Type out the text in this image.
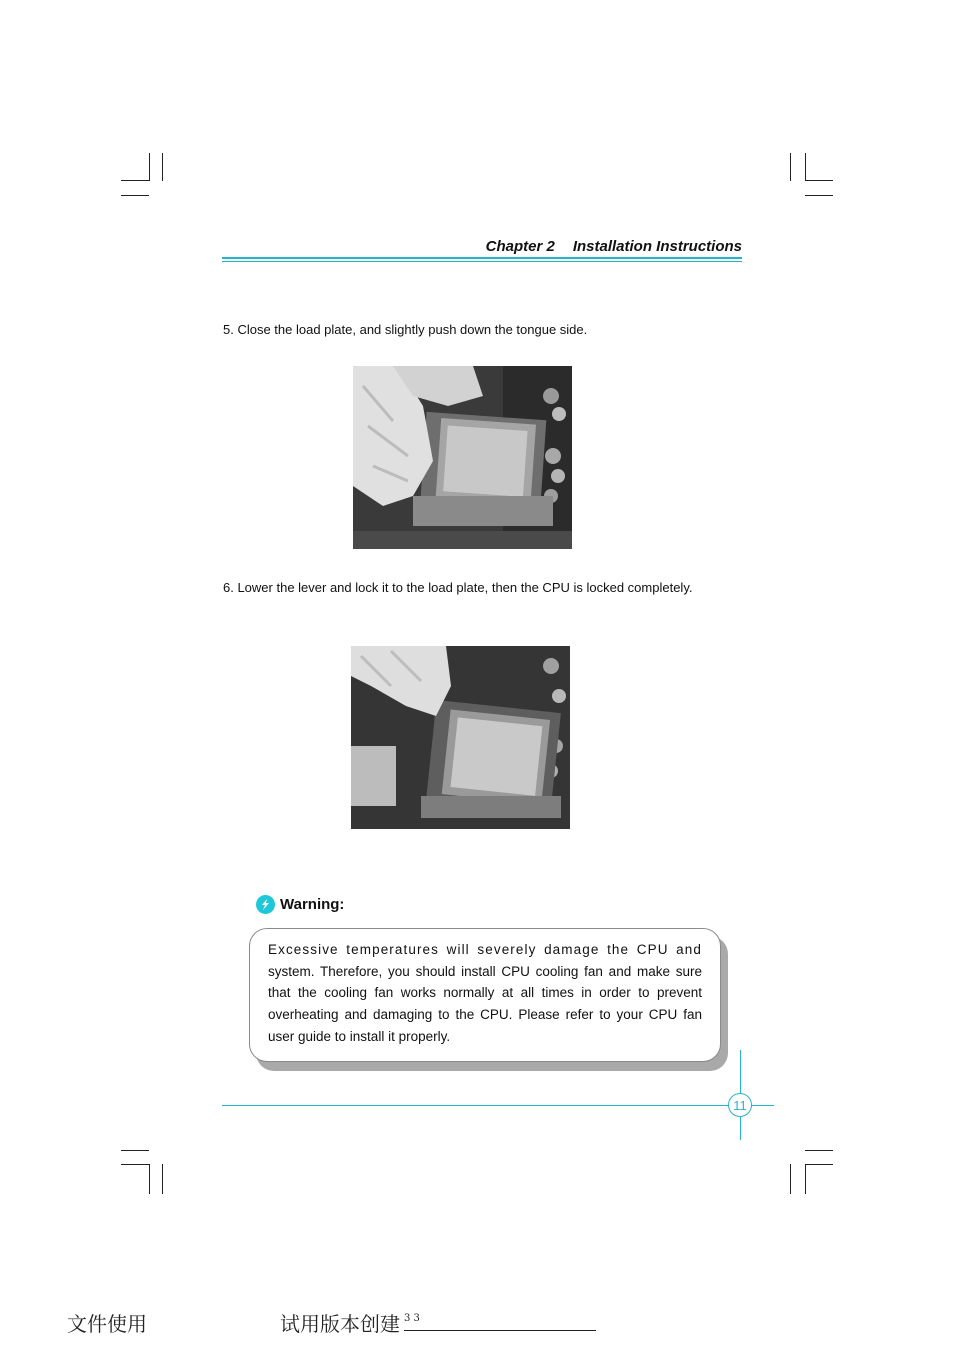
Chapter 2 Installation Instructions
5. Close the load plate, and slightly push down the tongue side.
6. Lower the lever and lock it to the load plate, then the CPU is locked completely.
Warning:
Excessive temperatures will severely damage the CPU and system. Therefore, you should install CPU cooling fan and make sure that the cooling fan works normally at all times in order to prevent overheating and damaging to the CPU. Please refer to your CPU fan user guide to install it properly.
11
文件使用	试用版本创建 3 3
